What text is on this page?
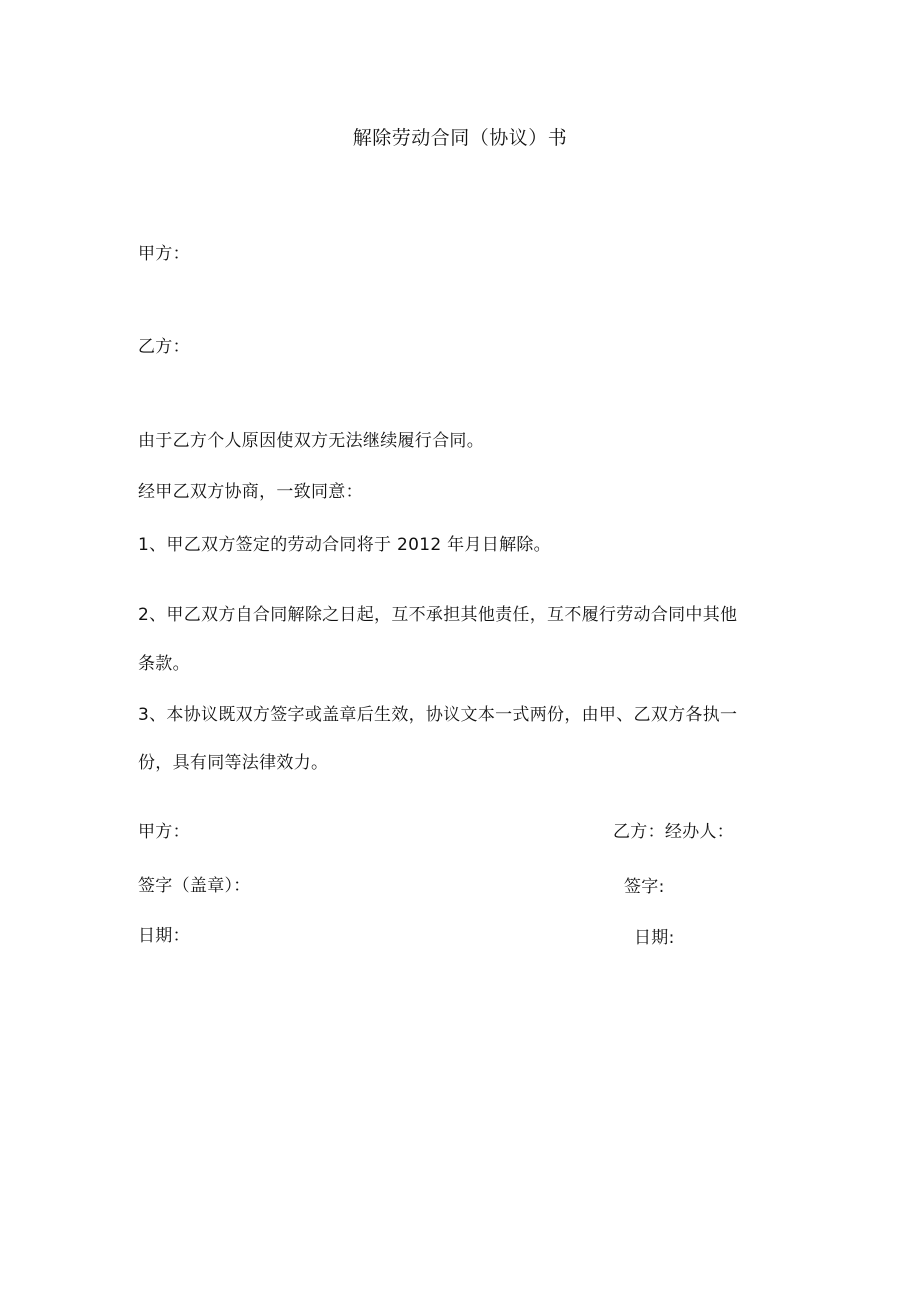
解除劳动合同（协议）书
甲方：
乙方：
由于乙方个人原因使双方无法继续履行合同。
经甲乙双方协商，一致同意：
1、甲乙双方签定的劳动合同将于 2012 年月日解除。
2、甲乙双方自合同解除之日起，互不承担其他责任，互不履行劳动合同中其他
条款。
3、本协议既双方签字或盖章后生效，协议文本一式两份，由甲、乙双方各执一
份，具有同等法律效力。
甲方：	乙方：经办人：
签字（盖章）：	签字:
日期：	日期:
